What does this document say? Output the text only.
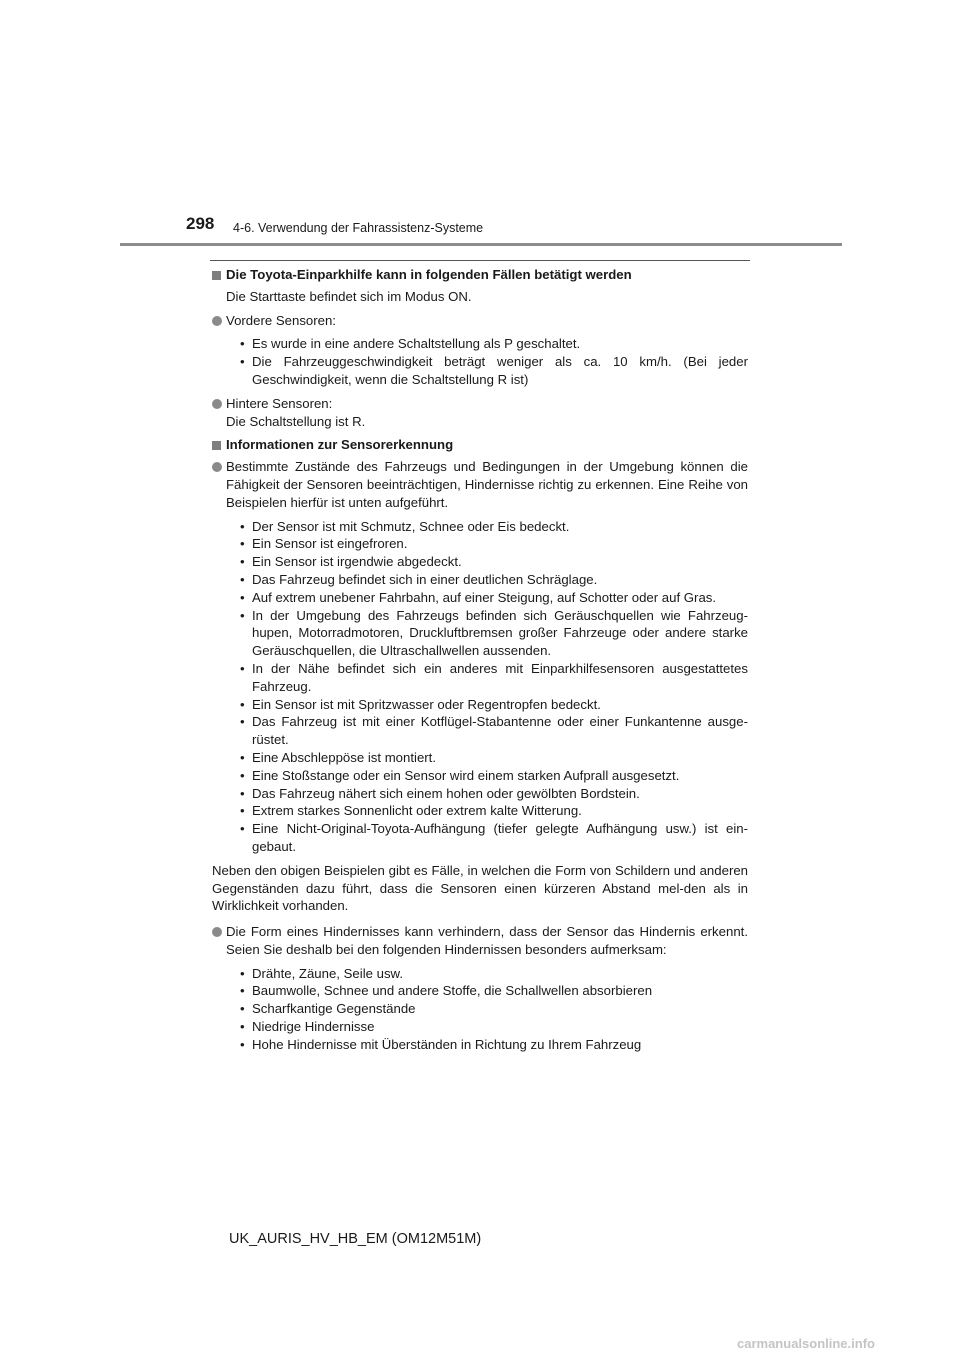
298 4-6. Verwendung der Fahrassistenz-Systeme
Die Toyota-Einparkhilfe kann in folgenden Fällen betätigt werden
Die Starttaste befindet sich im Modus ON.
Vordere Sensoren:
• Es wurde in eine andere Schaltstellung als P geschaltet.
• Die Fahrzeuggeschwindigkeit beträgt weniger als ca. 10 km/h. (Bei jeder Geschwindigkeit, wenn die Schaltstellung R ist)
Hintere Sensoren:
Die Schaltstellung ist R.
Informationen zur Sensorerkennung
Bestimmte Zustände des Fahrzeugs und Bedingungen in der Umgebung können die Fähigkeit der Sensoren beeinträchtigen, Hindernisse richtig zu erkennen. Eine Reihe von Beispielen hierfür ist unten aufgeführt.
• Der Sensor ist mit Schmutz, Schnee oder Eis bedeckt.
• Ein Sensor ist eingefroren.
• Ein Sensor ist irgendwie abgedeckt.
• Das Fahrzeug befindet sich in einer deutlichen Schräglage.
• Auf extrem unebener Fahrbahn, auf einer Steigung, auf Schotter oder auf Gras.
• In der Umgebung des Fahrzeugs befinden sich Geräuschquellen wie Fahrzeug-hupen, Motorradmotoren, Druckluftbremsen großer Fahrzeuge oder andere starke Geräuschquellen, die Ultraschallwellen aussenden.
• In der Nähe befindet sich ein anderes mit Einparkhilfesensoren ausgestattetes Fahrzeug.
• Ein Sensor ist mit Spritzwasser oder Regentropfen bedeckt.
• Das Fahrzeug ist mit einer Kotflügel-Stabantenne oder einer Funkantenne ausge-rüstet.
• Eine Abschleppöse ist montiert.
• Eine Stoßstange oder ein Sensor wird einem starken Aufprall ausgesetzt.
• Das Fahrzeug nähert sich einem hohen oder gewölbten Bordstein.
• Extrem starkes Sonnenlicht oder extrem kalte Witterung.
• Eine Nicht-Original-Toyota-Aufhängung (tiefer gelegte Aufhängung usw.) ist ein-gebaut.
Neben den obigen Beispielen gibt es Fälle, in welchen die Form von Schildern und anderen Gegenständen dazu führt, dass die Sensoren einen kürzeren Abstand mel-den als in Wirklichkeit vorhanden.
Die Form eines Hindernisses kann verhindern, dass der Sensor das Hindernis erkennt. Seien Sie deshalb bei den folgenden Hindernissen besonders aufmerksam:
• Drähte, Zäune, Seile usw.
• Baumwolle, Schnee und andere Stoffe, die Schallwellen absorbieren
• Scharfkantige Gegenstände
• Niedrige Hindernisse
• Hohe Hindernisse mit Überständen in Richtung zu Ihrem Fahrzeug
UK_AURIS_HV_HB_EM (OM12M51M)
carmanualsonline.info
